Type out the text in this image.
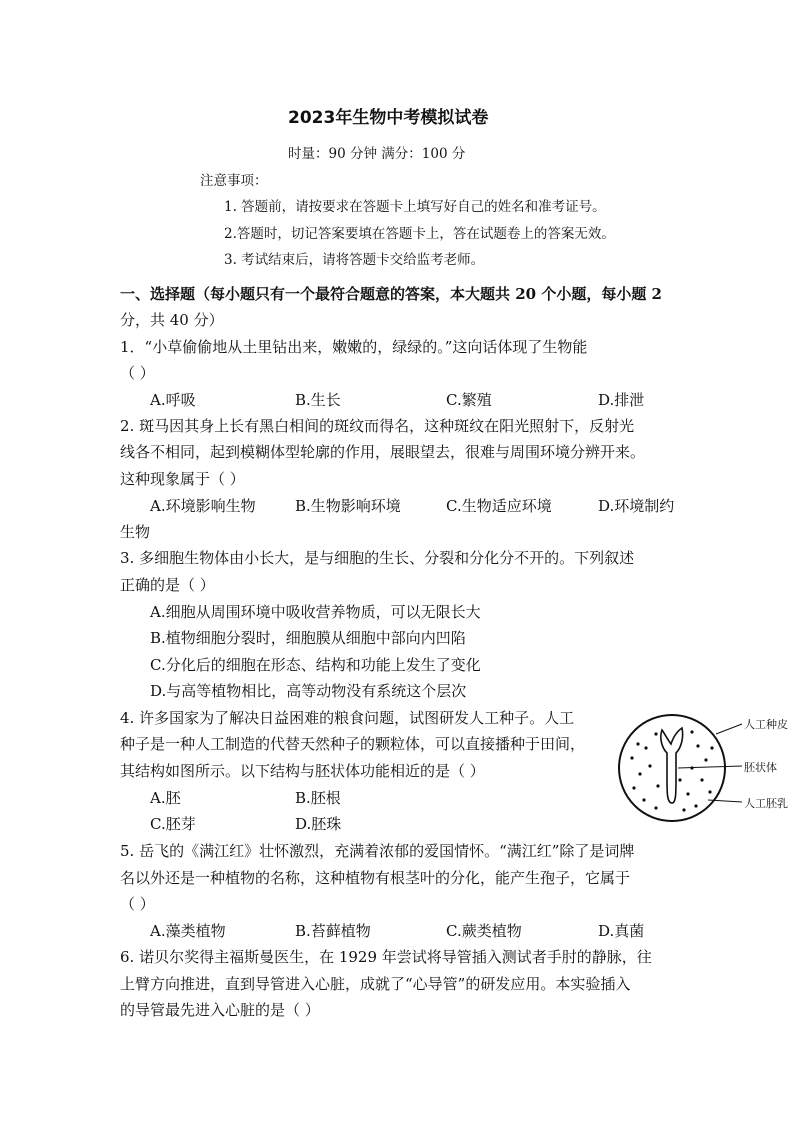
2023年生物中考模拟试卷
时量：90 分钟 满分：100 分
注意事项：
1. 答题前，请按要求在答题卡上填写好自己的姓名和准考证号。
2.答题时，切记答案要填在答题卡上，答在试题卷上的答案无效。
3. 考试结束后，请将答题卡交给监考老师。
一、选择题（每小题只有一个最符合题意的答案，本大题共 20 个小题，每小题 2
分，共 40 分）
1．“小草偷偷地从土里钻出来，嫩嫩的，绿绿的。”这向话体现了生物能
（ ）
A.呼吸	B.生长	C.繁殖	D.排泄
2. 斑马因其身上长有黑白相间的斑纹而得名，这种斑纹在阳光照射下，反射光
线各不相同，起到模糊体型轮廓的作用，展眼望去，很难与周围环境分辨开来。
这种现象属于（ ）
A.环境影响生物	B.生物影响环境	C.生物适应环境	D.环境制约
生物
3. 多细胞生物体由小长大，是与细胞的生长、分裂和分化分不开的。下列叙述
正确的是（ ）
A.细胞从周围环境中吸收营养物质，可以无限长大
B.植物细胞分裂时，细胞膜从细胞中部向内凹陷
C.分化后的细胞在形态、结构和功能上发生了变化
D.与高等植物相比，高等动物没有系统这个层次
4. 许多国家为了解决日益困难的粮食问题，试图研发人工种子。人工
种子是一种人工制造的代替天然种子的颗粒体，可以直接播种于田间，
其结构如图所示。以下结构与胚状体功能相近的是（ ）
A.胚	B.胚根
C.胚芽	D.胚珠
人工种皮
胚状体
人工胚乳
5. 岳飞的《满江红》壮怀激烈，充满着浓郁的爱国情怀。“满江红”除了是词牌
名以外还是一种植物的名称，这种植物有根茎叶的分化，能产生孢子，它属于
（ ）
A.藻类植物	B.苔藓植物	C.蕨类植物	D.真菌
6. 诺贝尔奖得主福斯曼医生，在 1929 年尝试将导管插入测试者手肘的静脉，往
上臂方向推进，直到导管进入心脏，成就了“心导管”的研发应用。本实验插入
的导管最先进入心脏的是（ ）
